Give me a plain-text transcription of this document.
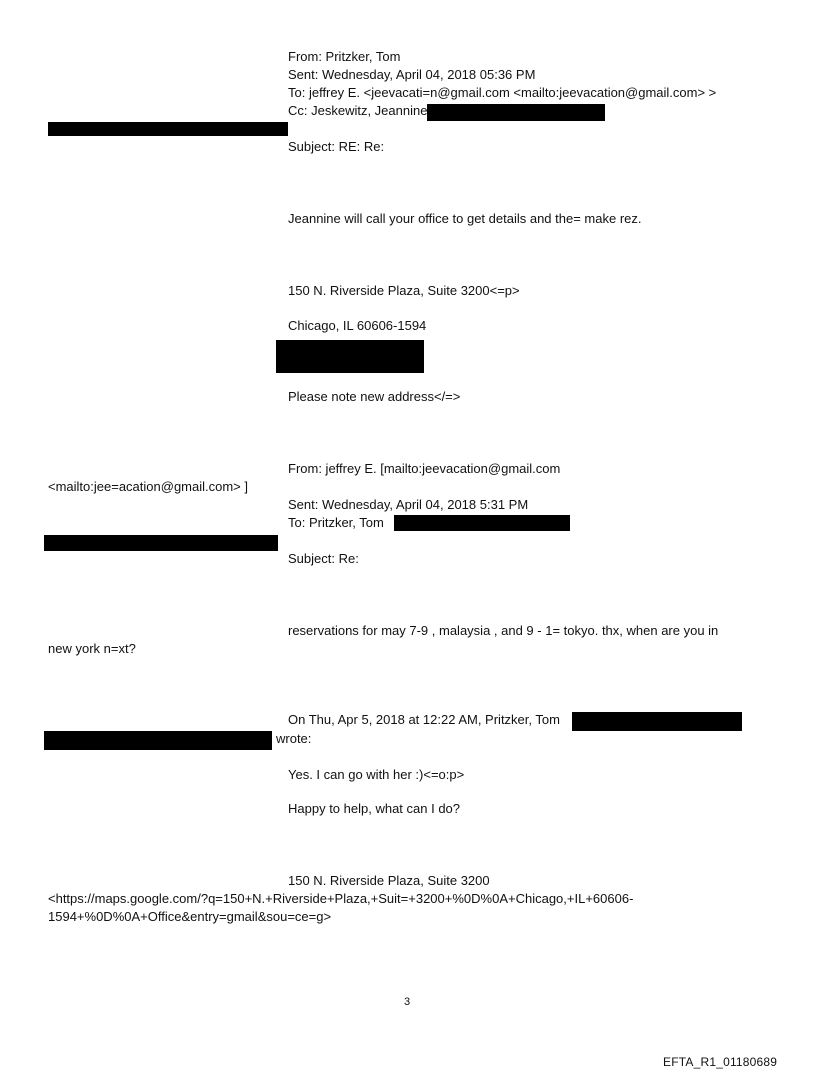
From: Pritzker, Tom
Sent: Wednesday, April 04, 2018 05:36 PM
To: jeffrey E. <jeevacati=n@gmail.com <mailto:jeevacation@gmail.com> >
Cc: Jeskewitz, Jeannine
Subject: RE: Re:
Jeannine will call your office to get details and the= make rez.
150 N. Riverside Plaza, Suite 3200<=p>
Chicago, IL 60606-1594
Please note new address</=>
From: jeffrey E. [mailto:jeevacation@gmail.com
<mailto:jee=acation@gmail.com> ]
Sent: Wednesday, April 04, 2018 5:31 PM
To: Pritzker, Tom
Subject: Re:
reservations for may 7-9 , malaysia , and 9 - 1= tokyo. thx, when are you in
new york n=xt?
On Thu, Apr 5, 2018 at 12:22 AM, Pritzker, Tom
wrote:
Yes. I can go with her :)<=o:p>
Happy to help, what can I do?
150 N. Riverside Plaza, Suite 3200
<https://maps.google.com/?q=150+N.+Riverside+Plaza,+Suit=+3200+%0D%0A+Chicago,+IL+60606-
1594+%0D%0A+Office&entry=gmail&sou=ce=g>
3
EFTA_R1_01180689
